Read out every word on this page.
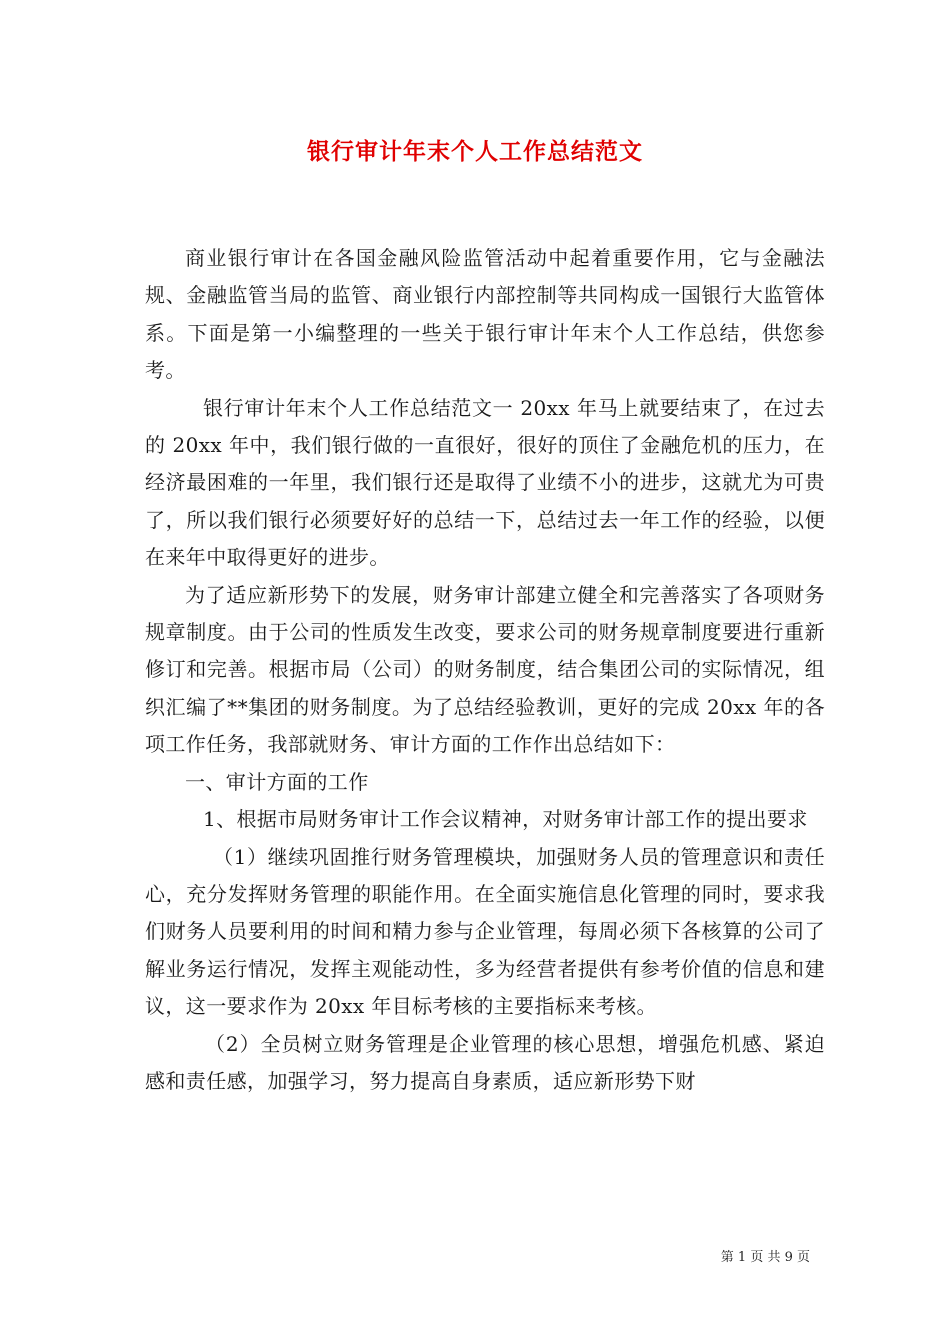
银行审计年末个人工作总结范文

商业银行审计在各国金融风险监管活动中起着重要作用，它与金融法规、金融监管当局的监管、商业银行内部控制等共同构成一国银行大监管体系。下面是第一小编整理的一些关于银行审计年末个人工作总结，供您参考。

银行审计年末个人工作总结范文一 20xx 年马上就要结束了，在过去的 20xx 年中，我们银行做的一直很好，很好的顶住了金融危机的压力，在经济最困难的一年里，我们银行还是取得了业绩不小的进步，这就尤为可贵了，所以我们银行必须要好好的总结一下，总结过去一年工作的经验，以便在来年中取得更好的进步。

为了适应新形势下的发展，财务审计部建立健全和完善落实了各项财务规章制度。由于公司的性质发生改变，要求公司的财务规章制度要进行重新修订和完善。根据市局（公司）的财务制度，结合集团公司的实际情况，组织汇编了**集团的财务制度。为了总结经验教训，更好的完成 20xx 年的各项工作任务，我部就财务、审计方面的工作作出总结如下：

一、审计方面的工作

1、根据市局财务审计工作会议精神，对财务审计部工作的提出要求

（1）继续巩固推行财务管理模块，加强财务人员的管理意识和责任心，充分发挥财务管理的职能作用。在全面实施信息化管理的同时，要求我们财务人员要利用的时间和精力参与企业管理，每周必须下各核算的公司了解业务运行情况，发挥主观能动性，多为经营者提供有参考价值的信息和建议，这一要求作为 20xx 年目标考核的主要指标来考核。

（2）全员树立财务管理是企业管理的核心思想，增强危机感、紧迫感和责任感，加强学习，努力提高自身素质，适应新形势下财

第 1 页 共 9 页
